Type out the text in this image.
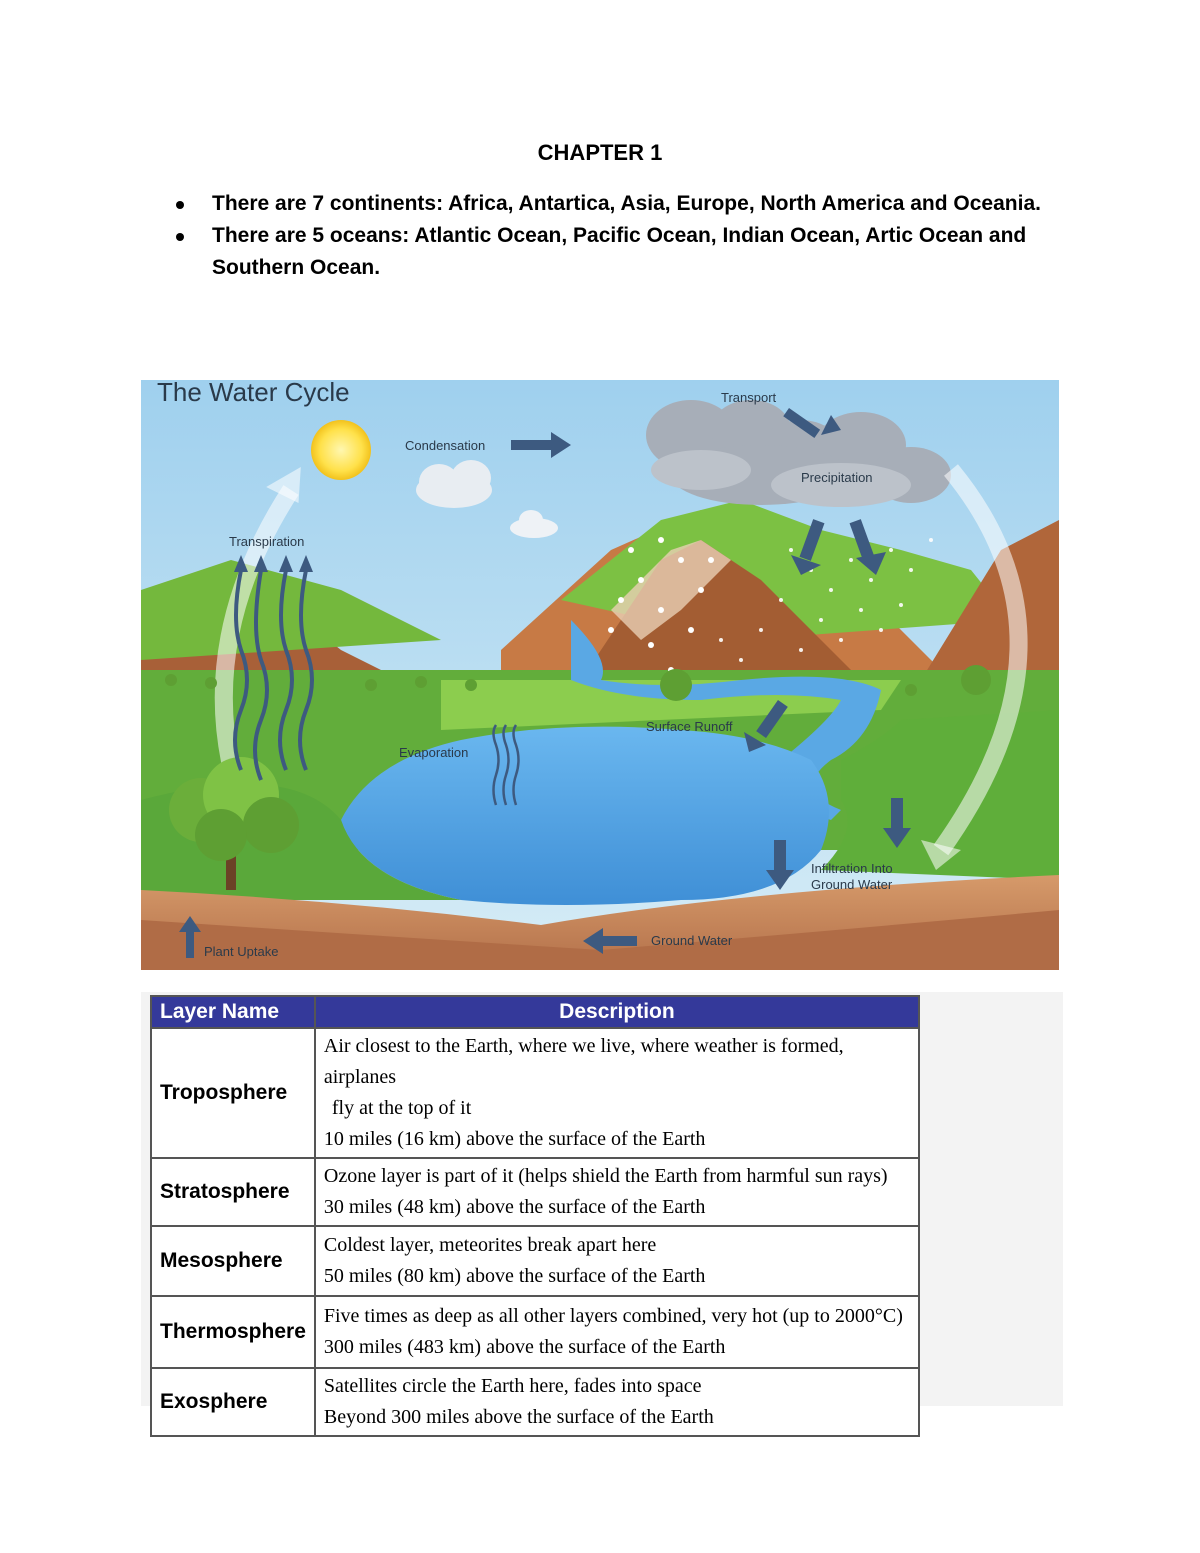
CHAPTER 1
There are 7 continents: Africa, Antartica, Asia, Europe, North America and Oceania.
There are 5 oceans: Atlantic Ocean, Pacific Ocean, Indian Ocean, Artic Ocean and Southern Ocean.
The Water Cycle	Transport
Condensation
Precipitation
Transpiration
Surface Runoff
Evaporation
Infiltration Into
Ground Water
Plant Uptake
Ground Water
Layer Name	Description
Troposphere	Air closest to the Earth, where we live, where weather is formed, airplanes
fly at the top of it
10 miles (16 km) above the surface of the Earth

Stratosphere	Ozone layer is part of it (helps shield the Earth from harmful sun rays)
30 miles (48 km) above the surface of the Earth

Mesosphere	Coldest layer, meteorites break apart here
50 miles (80 km) above the surface of the Earth

Thermosphere	Five times as deep as all other layers combined, very hot (up to 2000°C)
300 miles (483 km) above the surface of the Earth

Exosphere	Satellites circle the Earth here, fades into space
Beyond 300 miles above the surface of the Earth
